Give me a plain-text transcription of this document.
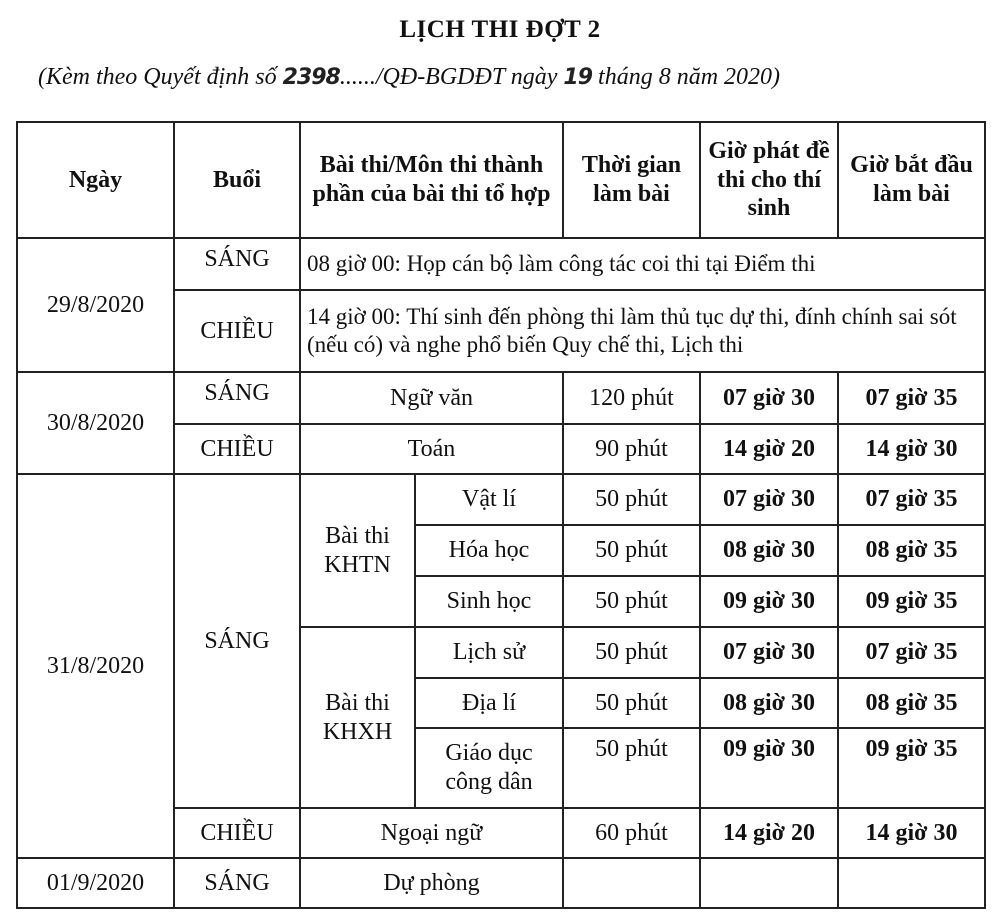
LỊCH THI ĐỢT 2
(Kèm theo Quyết định số 2398....../QĐ-BGDĐT ngày 19 tháng 8 năm 2020)
Ngày	Buổi	Bài thi/Môn thi thành phần của bài thi tổ hợp		Thời gian làm bài	Giờ phát đề thi cho thí sinh	Giờ bắt đầu làm bài
29/8/2020	SÁNG	08 giờ 00: Họp cán bộ làm công tác coi thi tại Điểm thi				
	CHIỀU	14 giờ 00: Thí sinh đến phòng thi làm thủ tục dự thi, đính chính sai sót (nếu có) và nghe phổ biến Quy chế thi, Lịch thi				
30/8/2020	SÁNG	Ngữ văn		120 phút	07 giờ 30	07 giờ 35
	CHIỀU	Toán		90 phút	14 giờ 20	14 giờ 30
31/8/2020	SÁNG	Bài thi KHTN	Vật lí	50 phút	07 giờ 30	07 giờ 35
			Hóa học	50 phút	08 giờ 30	08 giờ 35
			Sinh học	50 phút	09 giờ 30	09 giờ 35
		Bài thi KHXH	Lịch sử	50 phút	07 giờ 30	07 giờ 35
			Địa lí	50 phút	08 giờ 30	08 giờ 35
			Giáo dục công dân	50 phút	09 giờ 30	09 giờ 35
	CHIỀU	Ngoại ngữ		60 phút	14 giờ 20	14 giờ 30
01/9/2020	SÁNG	Dự phòng				
